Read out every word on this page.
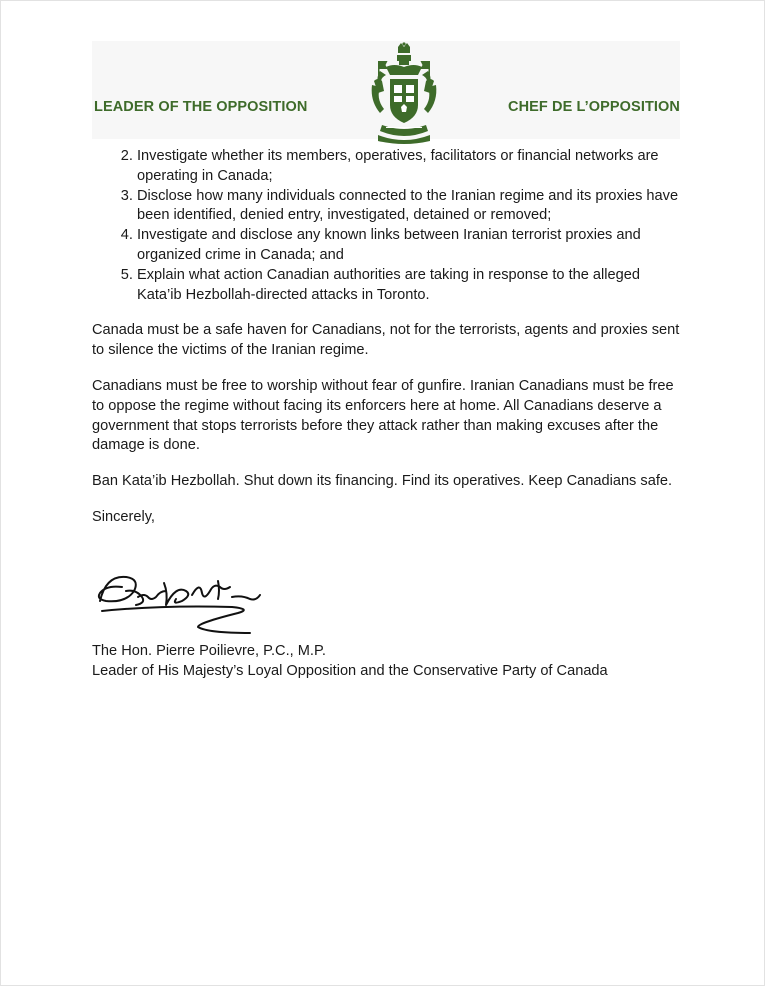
LEADER OF THE OPPOSITION	CHEF DE L’OPPOSITION
2. Investigate whether its members, operatives, facilitators or financial networks are operating in Canada;
3. Disclose how many individuals connected to the Iranian regime and its proxies have been identified, denied entry, investigated, detained or removed;
4. Investigate and disclose any known links between Iranian terrorist proxies and organized crime in Canada; and
5. Explain what action Canadian authorities are taking in response to the alleged Kata’ib Hezbollah-directed attacks in Toronto.

Canada must be a safe haven for Canadians, not for the terrorists, agents and proxies sent to silence the victims of the Iranian regime.

Canadians must be free to worship without fear of gunfire. Iranian Canadians must be free to oppose the regime without facing its enforcers here at home. All Canadians deserve a government that stops terrorists before they attack rather than making excuses after the damage is done.

Ban Kata’ib Hezbollah. Shut down its financing. Find its operatives. Keep Canadians safe.

Sincerely,

The Hon. Pierre Poilievre, P.C., M.P.
Leader of His Majesty’s Loyal Opposition and the Conservative Party of Canada
